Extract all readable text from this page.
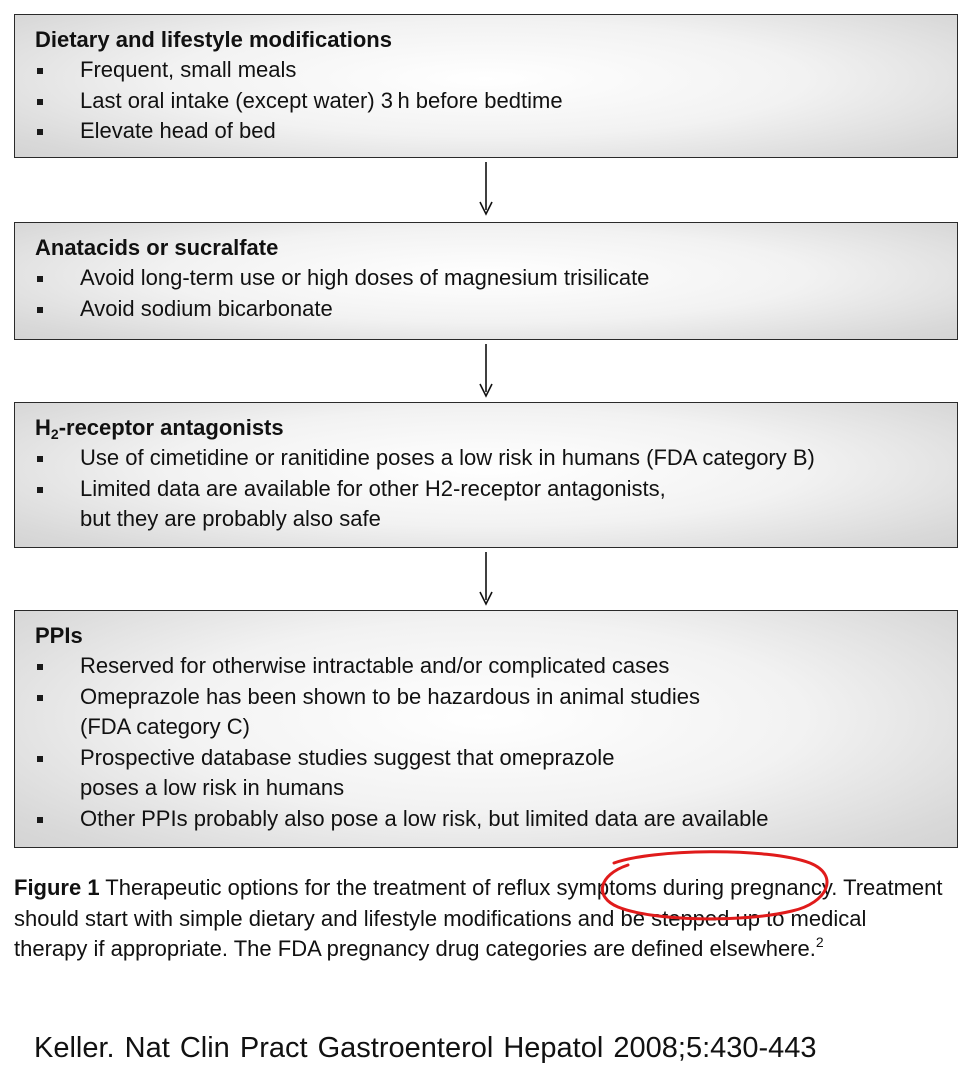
Dietary and lifestyle modifications
Frequent, small meals
Last oral intake (except water) 3 h before bedtime
Elevate head of bed
Anatacids or sucralfate
Avoid long-term use or high doses of magnesium trisilicate
Avoid sodium bicarbonate
$H_2$-receptor antagonists
Use of cimetidine or ranitidine poses a low risk in humans (FDA category B)
Limited data are available for other H2-receptor antagonists,
but they are probably also safe
PPIs
Reserved for otherwise intractable and/or complicated cases
Omeprazole has been shown to be hazardous in animal studies
(FDA category C)
Prospective database studies suggest that omeprazole
poses a low risk in humans
Other PPIs probably also pose a low risk, but limited data are available
Figure 1 Therapeutic options for the treatment of reflux symptoms during pregnancy. Treatment should start with simple dietary and lifestyle modifications and be stepped up to medical therapy if appropriate. The FDA pregnancy drug categories are defined elsewhere.$^2$
Keller. Nat Clin Pract Gastroenterol Hepatol 2008;5:430-443
